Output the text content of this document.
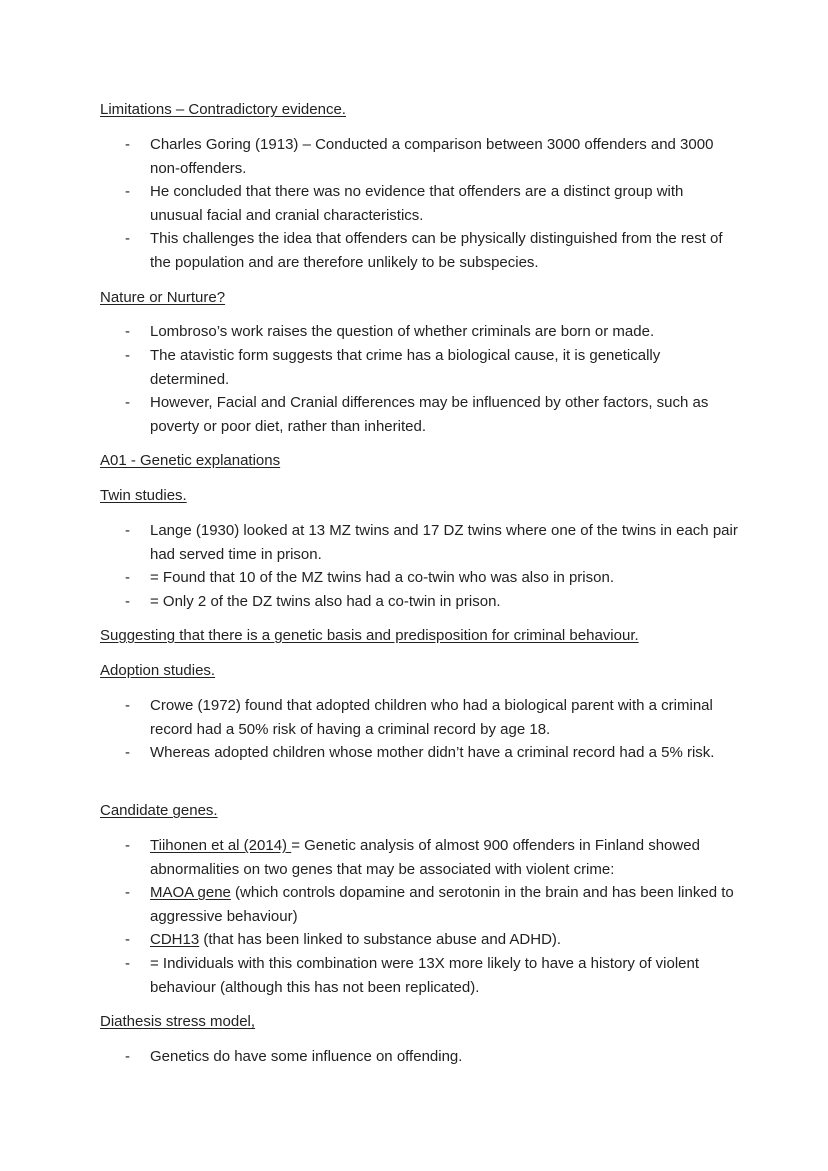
Limitations – Contradictory evidence.
- Charles Goring (1913) – Conducted a comparison between 3000 offenders and 3000 non-offenders.
- He concluded that there was no evidence that offenders are a distinct group with unusual facial and cranial characteristics.
- This challenges the idea that offenders can be physically distinguished from the rest of the population and are therefore unlikely to be subspecies.
Nature or Nurture?
- Lombroso’s work raises the question of whether criminals are born or made.
- The atavistic form suggests that crime has a biological cause, it is genetically determined.
- However, Facial and Cranial differences may be influenced by other factors, such as poverty or poor diet, rather than inherited.
A01 - Genetic explanations
Twin studies.
- Lange (1930) looked at 13 MZ twins and 17 DZ twins where one of the twins in each pair had served time in prison.
- = Found that 10 of the MZ twins had a co-twin who was also in prison.
- = Only 2 of the DZ twins also had a co-twin in prison.
Suggesting that there is a genetic basis and predisposition for criminal behaviour.
Adoption studies.
- Crowe (1972) found that adopted children who had a biological parent with a criminal record had a 50% risk of having a criminal record by age 18.
- Whereas adopted children whose mother didn’t have a criminal record had a 5% risk.
Candidate genes.
- Tiihonen et al (2014) = Genetic analysis of almost 900 offenders in Finland showed abnormalities on two genes that may be associated with violent crime:
- MAOA gene (which controls dopamine and serotonin in the brain and has been linked to aggressive behaviour)
- CDH13 (that has been linked to substance abuse and ADHD).
- = Individuals with this combination were 13X more likely to have a history of violent behaviour (although this has not been replicated).
Diathesis stress model,
- Genetics do have some influence on offending.
